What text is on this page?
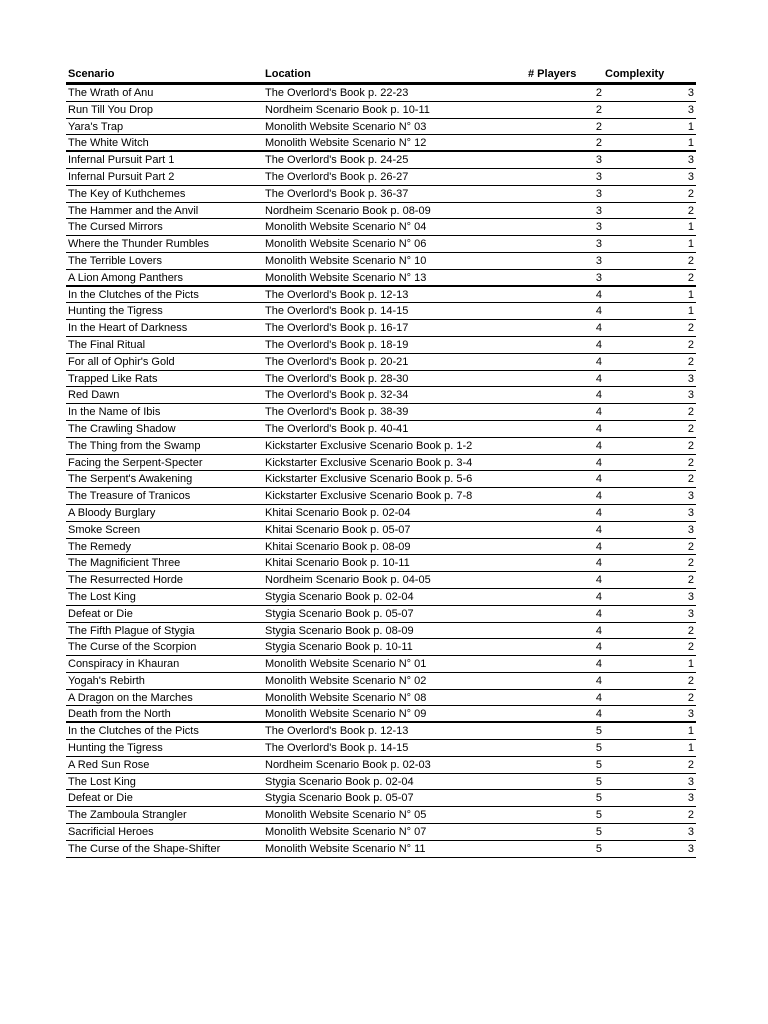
Scenario	Location	# Players	Complexity
The Wrath of Anu	The Overlord's Book p. 22-23	2	3
Run Till You Drop	Nordheim Scenario Book p. 10-11	2	3
Yara's Trap	Monolith Website Scenario N° 03	2	1
The White Witch	Monolith Website Scenario N° 12	2	1
Infernal Pursuit Part 1	The Overlord's Book p. 24-25	3	3
Infernal Pursuit Part 2	The Overlord's Book p. 26-27	3	3
The Key of Kuthchemes	The Overlord's Book p. 36-37	3	2
The Hammer and the Anvil	Nordheim Scenario Book p. 08-09	3	2
The Cursed Mirrors	Monolith Website Scenario N° 04	3	1
Where the Thunder Rumbles	Monolith Website Scenario N° 06	3	1
The Terrible Lovers	Monolith Website Scenario N° 10	3	2
A Lion Among Panthers	Monolith Website Scenario N° 13	3	2
In the Clutches of the Picts	The Overlord's Book p. 12-13	4	1
Hunting the Tigress	The Overlord's Book p. 14-15	4	1
In the Heart of Darkness	The Overlord's Book p. 16-17	4	2
The Final Ritual	The Overlord's Book p. 18-19	4	2
For all of Ophir's Gold	The Overlord's Book p. 20-21	4	2
Trapped Like Rats	The Overlord's Book p. 28-30	4	3
Red Dawn	The Overlord's Book p. 32-34	4	3
In the Name of Ibis	The Overlord's Book p. 38-39	4	2
The Crawling Shadow	The Overlord's Book p. 40-41	4	2
The Thing from the Swamp	Kickstarter Exclusive Scenario Book p. 1-2	4	2
Facing the Serpent-Specter	Kickstarter Exclusive Scenario Book p. 3-4	4	2
The Serpent's Awakening	Kickstarter Exclusive Scenario Book p. 5-6	4	2
The Treasure of Tranicos	Kickstarter Exclusive Scenario Book p. 7-8	4	3
A Bloody Burglary	Khitai Scenario Book p. 02-04	4	3
Smoke Screen	Khitai Scenario Book p. 05-07	4	3
The Remedy	Khitai Scenario Book p. 08-09	4	2
The Magnificient Three	Khitai Scenario Book p. 10-11	4	2
The Resurrected Horde	Nordheim Scenario Book p. 04-05	4	2
The Lost King	Stygia Scenario Book p. 02-04	4	3
Defeat or Die	Stygia Scenario Book p. 05-07	4	3
The Fifth Plague of Stygia	Stygia Scenario Book p. 08-09	4	2
The Curse of the Scorpion	Stygia Scenario Book p. 10-11	4	2
Conspiracy in Khauran	Monolith Website Scenario N° 01	4	1
Yogah's Rebirth	Monolith Website Scenario N° 02	4	2
A Dragon on the Marches	Monolith Website Scenario N° 08	4	2
Death from the North	Monolith Website Scenario N° 09	4	3
In the Clutches of the Picts	The Overlord's Book p. 12-13	5	1
Hunting the Tigress	The Overlord's Book p. 14-15	5	1
A Red Sun Rose	Nordheim Scenario Book p. 02-03	5	2
The Lost King	Stygia Scenario Book p. 02-04	5	3
Defeat or Die	Stygia Scenario Book p. 05-07	5	3
The Zamboula Strangler	Monolith Website Scenario N° 05	5	2
Sacrificial Heroes	Monolith Website Scenario N° 07	5	3
The Curse of the Shape-Shifter	Monolith Website Scenario N° 11	5	3
